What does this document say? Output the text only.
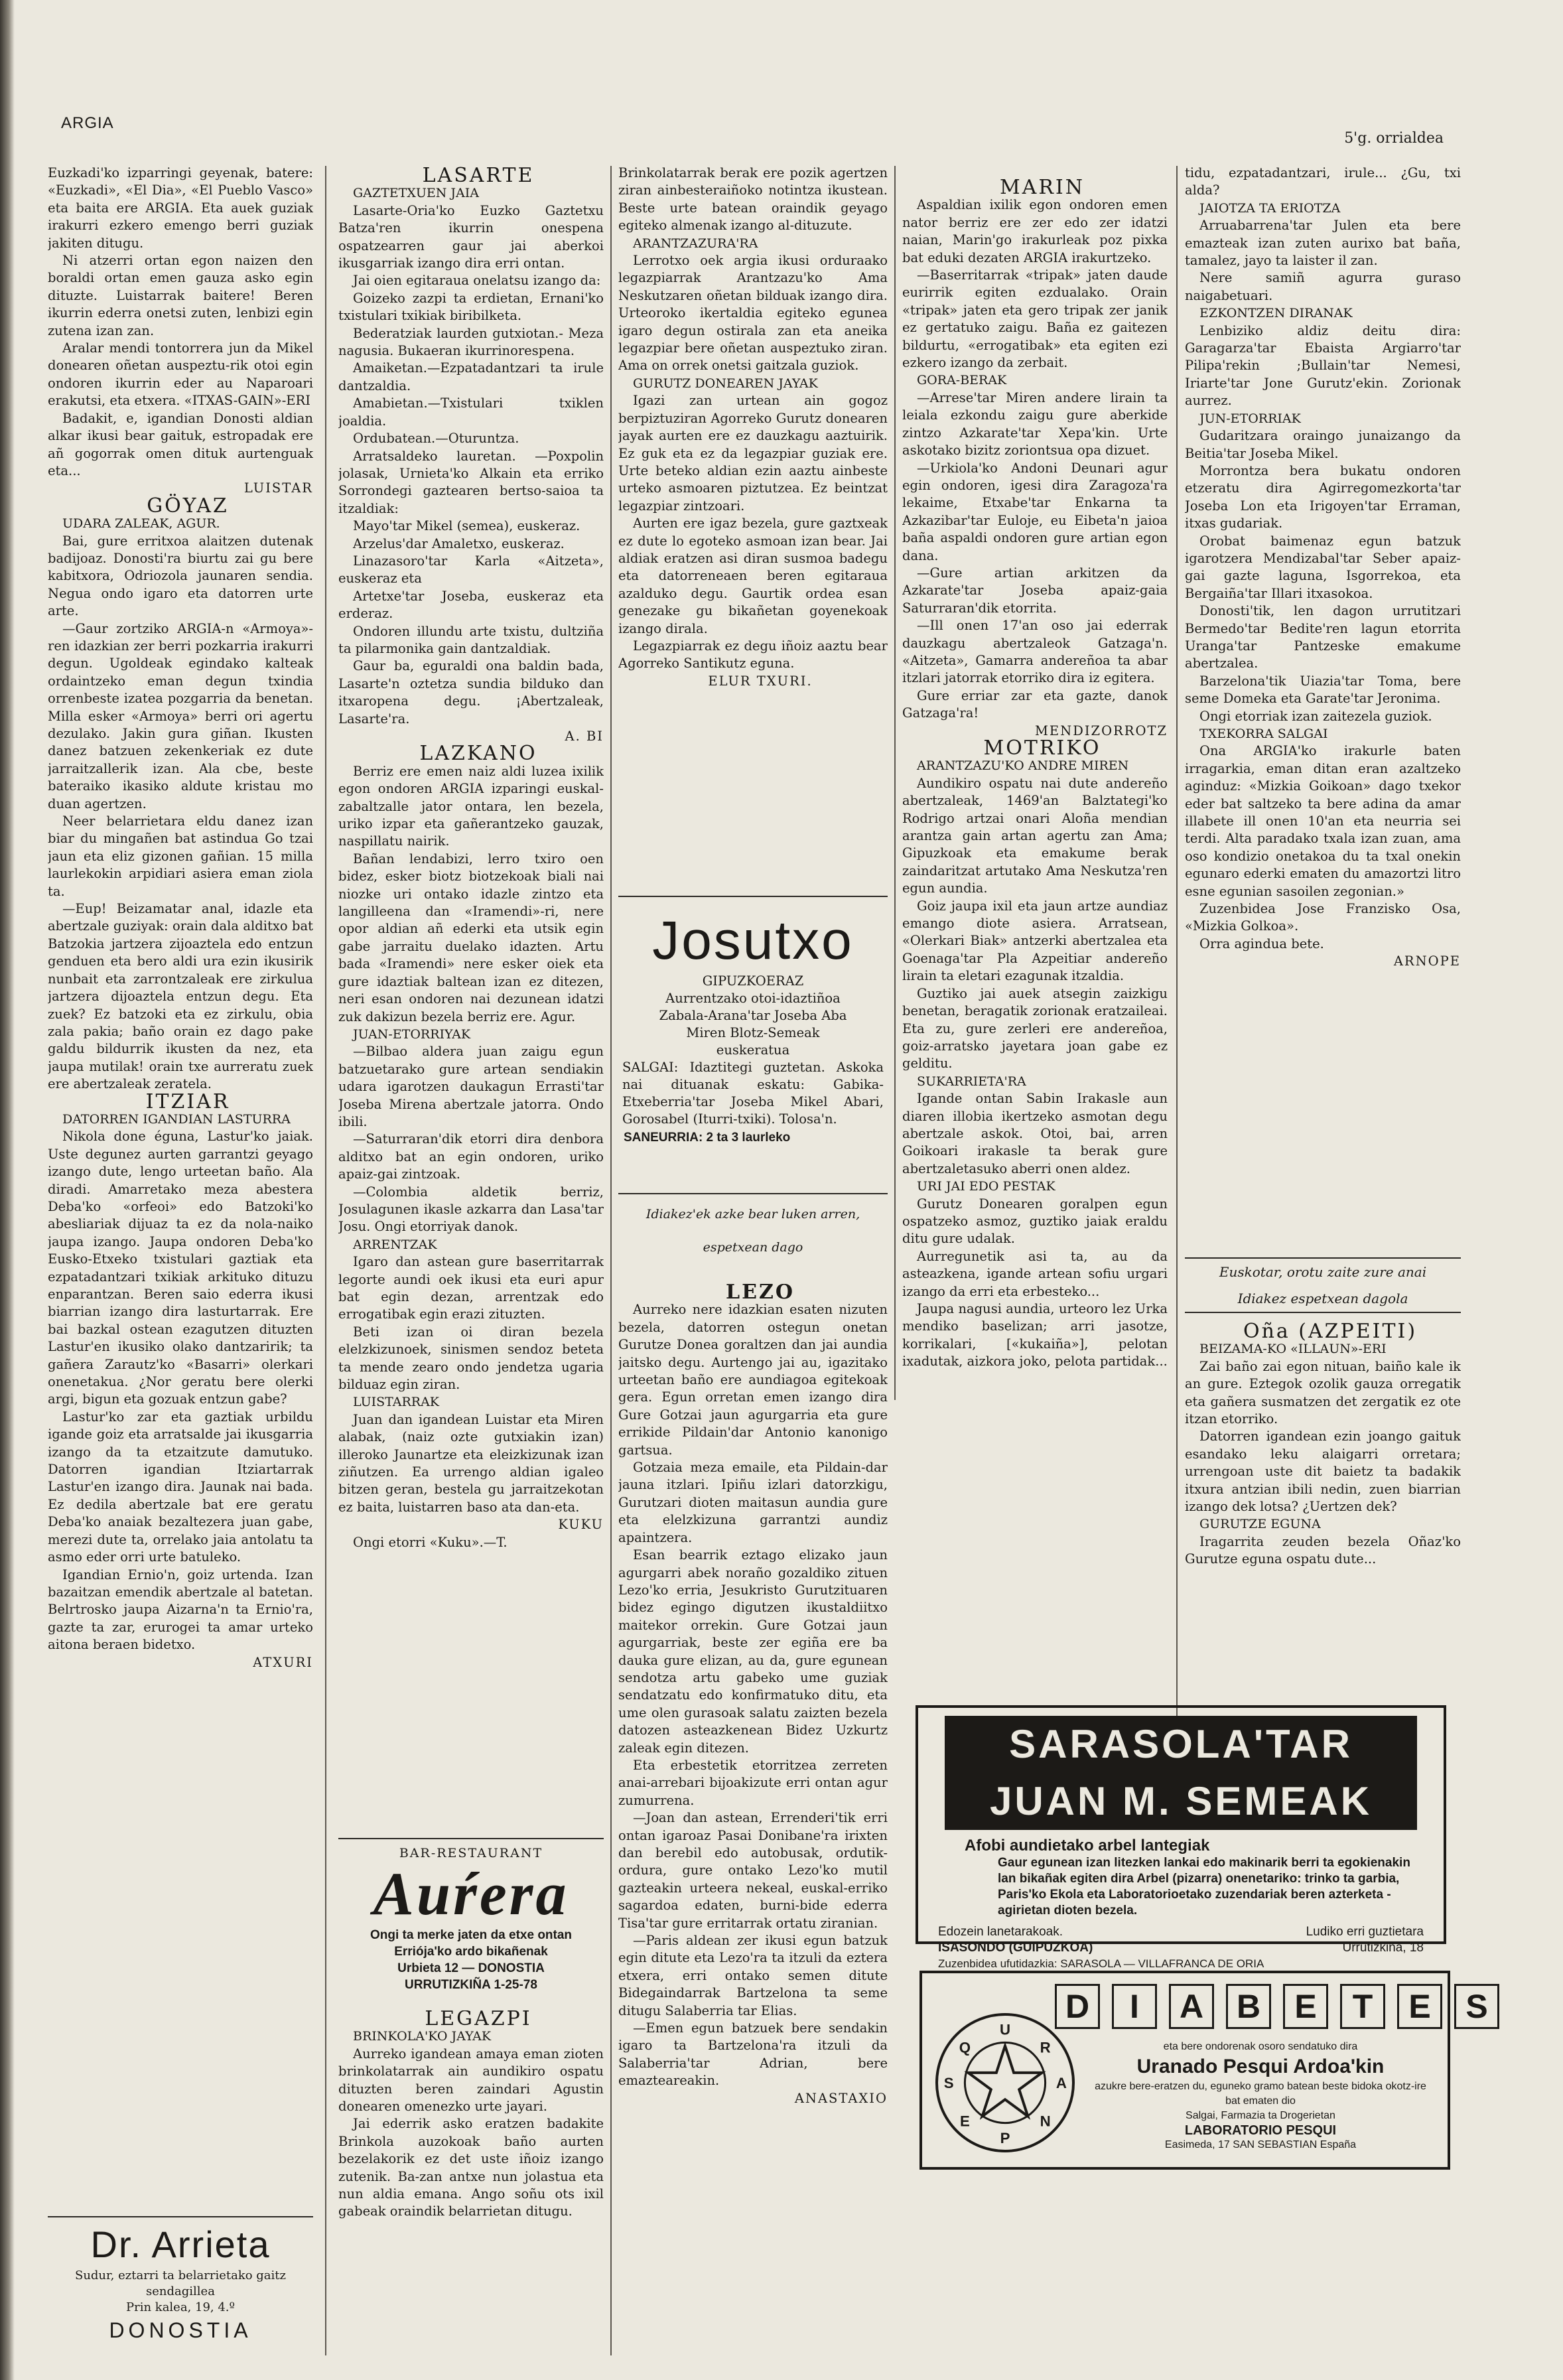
ARGIA
5'g. orrialdea

Euzkadi'ko izparringi geyenak, batere: «Euzkadi», «El Dia», «El Pueblo Vasco» eta baita ere ARGIA. Eta auek guziak irakurri ezkero emengo berri guziak jakiten ditugu.

Ni atzerri ortan egon naizen den boraldi ortan emen gauza asko egin dituzte. Luistarrak baitere! Beren ikurrin ederra onetsi zuten, lenbizi egin zutena izan zan.

Aralar mendi tontorrera jun da Mikel donearen oñetan auspeztu-rik otoi egin ondoren ikurrin eder au Naparoari erakutsi, eta etxera. «ITXAS-GAIN»-ERI

Badakit, e, igandian Donosti aldian alkar ikusi bear gaituk, estropadak ere añ gogorrak omen dituk aurtenguak eta...

LUISTAR

GÖYAZ

UDARA ZALEAK, AGUR.

Bai, gure erritxoa alaitzen dutenak badijoaz. Donosti'ra biurtu zai gu bere kabitxora, Odriozola jaunaren sendia. Negua ondo igaro eta datorren urte arte.

—Gaur zortziko ARGIA-n «Armoya»-ren idazkian zer berri pozkarria irakurri degun. Ugoldeak egindako kalteak ordaintzeko eman degun txindia orrenbeste izatea pozgarria da benetan. Milla esker «Armoya» berri ori agertu dezulako. Jakin gura giñan. Ikusten danez batzuen zekenkeriak ez dute jarraitzallerik izan. Ala cbe, beste bateraiko ikasiko aldute kristau mo duan agertzen.

Neer belarrietara eldu danez izan biar du mingañen bat astindua Go tzai jaun eta eliz gizonen gañian. 15 milla laurlekokin arpidiari asiera eman ziola ta.

—Eup! Beizamatar anal, idazle eta abertzale guziyak: orain dala alditxo bat Batzokia jartzera zijoaztela edo entzun genduen eta bero aldi ura ezin ikusirik nunbait eta zarrontzaleak ere zirkulua jartzera dijoaztela entzun degu. Eta zuek? Ez batzoki eta ez zirkulu, obia zala pakia; baño orain ez dago pake galdu bildurrik ikusten da nez, eta jaupa mutilak! orain txe aurreratu zuek ere abertzaleak zeratela.

ITZIAR

DATORREN IGANDIAN LASTURRA

Nikola done éguna, Lastur'ko jaiak. Uste degunez aurten garrantzi geyago izango dute, lengo urteetan baño. Ala diradi. Amarretako meza abestera Deba'ko «orfeoi» edo Batzoki'ko abesliariak dijuaz ta ez da nola-naiko jaupa izango. Jaupa ondoren Deba'ko Eusko-Etxeko txistulari gaztiak eta ezpatadantzari txikiak arkituko dituzu enparantzan. Beren saio ederra ikusi biarrian izango dira lasturtarrak. Ere bai bazkal ostean ezagutzen dituzten Lastur'en ikusiko olako dantzaririk; ta gañera Zarautz'ko «Basarri» olerkari onenetakua. ¿Nor geratu bere olerki argi, bigun eta gozuak entzun gabe?

Lastur'ko zar eta gaztiak urbildu igande goiz eta arratsalde jai ikusgarria izango da ta etzaitzute damutuko. Datorren igandian Itziartarrak Lastur'en izango dira. Jaunak nai bada. Ez dedila abertzale bat ere geratu Deba'ko anaiak bezaltezera juan gabe, merezi dute ta, orrelako jaia antolatu ta asmo eder orri urte batuleko.

Igandian Ernio'n, goiz urtenda. Izan bazaitzan emendik abertzale al batetan. Belrtrosko jaupa Aizarna'n ta Ernio'ra, gazte ta zar, erurogei ta amar urteko aitona beraen bidetxo.

ATXURI

Dr. Arrieta
Sudur, eztarri ta belarrietako gaitz sendagillea
Prin kalea, 19, 4.º
DONOSTIA

LASARTE

GAZTETXUEN JAIA

Lasarte-Oria'ko Euzko Gaztetxu Batza'ren ikurrin onespena ospatzearren gaur jai aberkoi ikusgarriak izango dira erri ontan.

Jai oien egitaraua onelatsu izango da:

Goizeko zazpi ta erdietan, Ernani'ko txistulari txikiak biribilketa.

Bederatziak laurden gutxiotan.- Meza nagusia. Bukaeran ikurrinorespena.

Amaiketan.—Ezpatadantzari ta irule dantzaldia.

Amabietan.—Txistulari txiklen joaldia.

Ordubatean.—Oturuntza.

Arratsaldeko lauretan. —Poxpolin jolasak, Urnieta'ko Alkain eta erriko Sorrondegi gaztearen bertso-saioa ta itzaldiak:

Mayo'tar Mikel (semea), euskeraz.

Arzelus'dar Amaletxo, euskeraz.

Linazasoro'tar Karla «Aitzeta», euskeraz eta

Artetxe'tar Joseba, euskeraz eta erderaz.

Ondoren illundu arte txistu, dultziña ta pilarmonika gain dantzaldiak.

Gaur ba, eguraldi ona baldin bada, Lasarte'n oztetza sundia bilduko dan itxaropena degu. ¡Abertzaleak, Lasarte'ra.

A. BI

LAZKANO

Berriz ere emen naiz aldi luzea ixilik egon ondoren ARGIA izparingi euskal-zabaltzalle jator ontara, len bezela, uriko izpar eta gañerantzeko gauzak, naspillatu nairik.

Bañan lendabizi, lerro txiro oen bidez, esker biotz biotzekoak biali nai niozke uri ontako idazle zintzo eta langilleena dan «Iramendi»-ri, nere opor aldian añ ederki eta utsik egin gabe jarraitu duelako idazten. Artu bada «Iramendi» nere esker oiek eta gure idaztiak baltean izan ez ditezen, neri esan ondoren nai dezunean idatzi zuk dakizun bezela berriz ere. Agur.

JUAN-ETORRIYAK

—Bilbao aldera juan zaigu egun batzuetarako gure artean sendiakin udara igarotzen daukagun Errasti'tar Joseba Mirena abertzale jatorra. Ondo ibili.

—Saturraran'dik etorri dira denbora alditxo bat an egin ondoren, uriko apaiz-gai zintzoak.

—Colombia aldetik berriz, Josulagunen ikasle azkarra dan Lasa'tar Josu. Ongi etorriyak danok.

ARRENTZAK

Igaro dan astean gure baserritarrak legorte aundi oek ikusi eta euri apur bat egin dezan, arrentzak edo errogatibak egin erazi zituzten.

Beti izan oi diran bezela elelzkizunoek, sinismen sendoz beteta ta mende zearo ondo jendetza ugaria bilduaz egin ziran.

LUISTARRAK

Juan dan igandean Luistar eta Miren alabak, (naiz ozte gutxiakin izan) illeroko Jaunartze eta eleizkizunak izan ziñutzen. Ea urrengo aldian igaleo bitzen geran, bestela gu jarraitzekotan ez baita, luistarren baso ata dan-eta.

KUKU

Ongi etorri «Kuku».—T.

BAR-RESTAURANT
Auŕera
Ongi ta merke jaten da etxe ontan
Erriója'ko ardo bikañenak
Urbieta 12 — DONOSTIA
URRUTIZKIÑA 1-25-78

LEGAZPI

BRINKOLA'KO JAYAK

Aurreko igandean amaya eman zioten brinkolatarrak ain aundikiro ospatu dituzten beren zaindari Agustin donearen omenezko urte jayari.

Jai ederrik asko eratzen badakite Brinkola auzokoak baño aurten bezelakorik ez det uste iñoiz izango zutenik. Ba-zan antxe nun jolastua eta nun aldia emana. Ango soñu ots ixil gabeak oraindik belarrietan ditugu.

Brinkolatarrak berak ere pozik agertzen ziran ainbesteraiñoko notintza ikustean. Beste urte batean oraindik geyago egiteko almenak izango al-dituzute.

ARANTZAZURA'RA

Lerrotxo oek argia ikusi orduraako legazpiarrak Arantzazu'ko Ama Neskutzaren oñetan bilduak izango dira. Urteoroko ikertaldia egiteko egunea igaro degun ostirala zan eta aneika legazpiar bere oñetan auspeztuko ziran. Ama on orrek onetsi gaitzala guziok.

GURUTZ DONEAREN JAYAK

Igazi zan urtean ain gogoz berpiztuziran Agorreko Gurutz donearen jayak aurten ere ez dauzkagu aaztuirik. Ez guk eta ez da legazpiar guziak ere. Urte beteko aldian ezin aaztu ainbeste urteko asmoaren piztutzea. Ez beintzat legazpiar zintzoari.

Aurten ere igaz bezela, gure gaztxeak ez dute lo egoteko asmoan izan bear. Jai aldiak eratzen asi diran susmoa badegu eta datorreneaen beren egitaraua azalduko degu. Gaurtik ordea esan genezake gu bikañetan goyenekoak izango dirala.

Legazpiarrak ez degu iñoiz aaztu bear Agorreko Santikutz eguna.

ELUR TXURI.

Josutxo
GIPUZKOERAZ
Aurrentzako otoi-idaztiñoa
Zabala-Arana'tar Joseba Aba
Miren Blotz-Semeak
euskeratua
SALGAI: Idaztitegi guztetan. Askoka nai dituanak eskatu: Gabika-Etxeberria'tar Joseba Mikel Abari, Gorosabel (Iturri-txiki). Tolosa'n.
SANEURRIA: 2 ta 3 laurleko
Idiakez'ek azke bear luken arren,
espetxean dago

LEZO

Aurreko nere idazkian esaten nizuten bezela, datorren ostegun onetan Gurutze Donea goraltzen dan jai aundia jaitsko degu. Aurtengo jai au, igazitako urteetan baño ere aundiagoa egitekoak gera. Egun orretan emen izango dira Gure Gotzai jaun agurgarria eta gure errikide Pildain'dar Antonio kanonigo gartsua.

Gotzaia meza emaile, eta Pildain-dar jauna itzlari. Ipiñu izlari datorzkigu, Gurutzari dioten maitasun aundia gure eta elelzkizuna garrantzi aundiz apaintzera.

Esan bearrik eztago elizako jaun agurgarri abek noraño gozaldiko zituen Lezo'ko erria, Jesukristo Gurutzituaren bidez egingo digutzen ikustaldiitxo maitekor orrekin. Gure Gotzai jaun agurgarriak, beste zer egiña ere ba dauka gure elizan, au da, gure egunean sendotza artu gabeko ume guziak sendatzatu edo konfirmatuko ditu, eta ume olen gurasoak salatu zaizten bezela datozen asteazkenean Bidez Uzkurtz zaleak egin ditezen.

Eta erbestetik etorritzea zerreten anai-arrebari bijoakizute erri ontan agur zumurrena.

—Joan dan astean, Errenderi'tik erri ontan igaroaz Pasai Donibane'ra irixten dan berebil edo autobusak, ordutik-ordura, gure ontako Lezo'ko mutil gazteakin urteera nekeal, euskal-erriko sagardoa edaten, burni-bide ederra Tisa'tar gure erritarrak ortatu ziranian.

—Paris aldean zer ikusi egun batzuk egin ditute eta Lezo'ra ta itzuli da eztera etxera, erri ontako semen ditute Bidegaindarrak Bartzelona ta seme ditugu Salaberria tar Elias.

—Emen egun batzuek bere sendakin igaro ta Bartzelona'ra itzuli da Salaberria'tar Adrian, bere emazteareakin.

ANASTAXIO

MARIN

Aspaldian ixilik egon ondoren emen nator berriz ere zer edo zer idatzi naian, Marin'go irakurleak poz pixka bat eduki dezaten ARGIA irakurtzeko.

—Baserritarrak «tripak» jaten daude eurirrik egiten ezdualako. Orain «tripak» jaten eta gero tripak zer janik ez gertatuko zaigu. Baña ez gaitezen bildurtu, «errogatibak» eta egiten ezi ezkero izango da zerbait.

GORA-BERAK

—Arrese'tar Miren andere lirain ta leiala ezkondu zaigu gure aberkide zintzo Azkarate'tar Xepa'kin. Urte askotako bizitz zoriontsua opa dizuet.

—Urkiola'ko Andoni Deunari agur egin ondoren, igesi dira Zaragoza'ra lekaime, Etxabe'tar Enkarna ta Azkazibar'tar Euloje, eu Eibeta'n jaioa baña aspaldi ondoren gure artian egon dana.

—Gure artian arkitzen da Azkarate'tar Joseba apaiz-gaia Saturraran'dik etorrita.

—Ill onen 17'an oso jai ederrak dauzkagu abertzaleok Gatzaga'n. «Aitzeta», Gamarra andereñoa ta abar itzlari jatorrak etorriko dira iz egitera.

Gure erriar zar eta gazte, danok Gatzaga'ra!

MENDIZORROTZ

MOTRIKO

ARANTZAZU'KO ANDRE MIREN

Aundikiro ospatu nai dute andereño abertzaleak, 1469'an Balztategi'ko Rodrigo artzai onari Aloña mendian arantza gain artan agertu zan Ama; Gipuzkoak eta emakume berak zaindaritzat artutako Ama Neskutza'ren egun aundia.

Goiz jaupa ixil eta jaun artze aundiaz emango diote asiera. Arratsean, «Olerkari Biak» antzerki abertzalea eta Goenaga'tar Pla Azpeitiar andereño lirain ta eletari ezagunak itzaldia.

Guztiko jai auek atsegin zaizkigu benetan, beragatik zorionak eratzaileai. Eta zu, gure zerleri ere andereñoa, goiz-arratsko jayetara joan gabe ez gelditu.

SUKARRIETA'RA

Igande ontan Sabin Irakasle aun diaren illobia ikertzeko asmotan degu abertzale askok. Otoi, bai, arren Goikoari irakasle ta berak gure abertzaletasuko aberri onen aldez.

URI JAI EDO PESTAK

Gurutz Donearen goralpen egun ospatzeko asmoz, guztiko jaiak eraldu ditu gure udalak.

Aurregunetik asi ta, au da asteazkena, igande artean sofiu urgari izango da erri eta erbesteko...

Jaupa nagusi aundia, urteoro lez Urka mendiko baselizan; arri jasotze, korrikalari, [«kukaiña»], pelotan ixadutak, aizkora joko, pelota partidak...

tidu, ezpatadantzari, irule... ¿Gu, txi alda?

JAIOTZA TA ERIOTZA

Arruabarrena'tar Julen eta bere emazteak izan zuten aurixo bat baña, tamalez, jayo ta laister il zan.

Nere samiñ agurra guraso naigabetuari.

EZKONTZEN DIRANAK

Lenbiziko aldiz deitu dira: Garagarza'tar Ebaista Argiarro'tar Pilipa'rekin ;Bullain'tar Nemesi, Iriarte'tar Jone Gurutz'ekin. Zorionak aurrez.

JUN-ETORRIAK

Gudaritzara oraingo junaizango da Beitia'tar Joseba Mikel.

Morrontza bera bukatu ondoren etzeratu dira Agirregomezkorta'tar Joseba Lon eta Irigoyen'tar Erraman, itxas gudariak.

Orobat baimenaz egun batzuk igarotzera Mendizabal'tar Seber apaiz-gai gazte lagunа, Isgorrekoa, eta Bergaiña'tar Illari itxasokoa.

Donosti'tik, len dagon urrutitzari Bermedo'tar Bedite'ren lagun etorrita Uranga'tar Pantzeske emakume abertzalea.

Barzelona'tik Uiazia'tar Toma, bere seme Domeka eta Garate'tar Jeronima.

Ongi etorriak izan zaitezela guziok.

TXEKORRA SALGAI

Ona ARGIA'ko irakurle baten irragarkia, eman ditan eran azaltzeko aginduz: «Mizkia Goikoan» dago txekor eder bat saltzeko ta bere adina da amar illabete ill onen 10'an eta neurria sei terdi. Alta paradako txala izan zuan, ama oso kondizio onetakoa du ta txal onekin egunaro ederki ematen du amazortzi litro esne egunian sasoilen zegonian.»

Zuzenbidea Jose Franzisko Osa, «Mizkia Golkoa».

Orra agindua bete.

ARNOPE

Euskotar, orotu zaite zure anai
Idiakez espetxean dagola

Oña (AZPEITI)

BEIZAMA-KO «ILLAUN»-ERI

Zai baño zai egon nituan, baiño kale ik an gure. Eztegok ozolik gauza orregatik eta gañera susmatzen det zergatik ez ote itzan etorriko.

Datorren igandean ezin joango gaituk esandako leku alaigarri orretara; urrengoan uste dit baietz ta badakik itxura antzian ibili nedin, zuen biarrian izango dek lotsa? ¿Uertzen dek?

GURUTZE EGUNA

Iragarrita zeuden bezela Oñaz'ko Gurutze eguna ospatu dute...

SARASOLA'TAR JUAN M. SEMEAK
Afobi aundietako arbel lantegiak
Gaur egunean izan litezken lankai edo makinarik berri ta egokienakin lan bikañak egiten dira Arbel (pizarra) onenetarikо: trinko ta garbia, Paris'ko Ekola eta Laboratorioetako zuzendariak beren azterketa - agirietan dioten bezela.
Edozein lanetarakoak.	Ludiko erri guztietara
ISASONDO (GUIPUZKOA)	Urrutizkiña, 18
Zuzenbidea ufutidazkia: SARASOLA — VILLAFRANCA DE ORIA
D	I	A B	E	T	E	S
U
R
A
N
P
E
S
Q	eta bere ondorenak osoro sendatuko dira
Uranado Pesqui Ardoa'kin
azukre bere-eratzen du, eguneko gramo batean beste bidoka okotz-ire bat ematen dio
Salgai, Farmazia ta Drogerietan
LABORATORIO PESQUI
Easimeda, 17 SAN SEBASTIAN España
